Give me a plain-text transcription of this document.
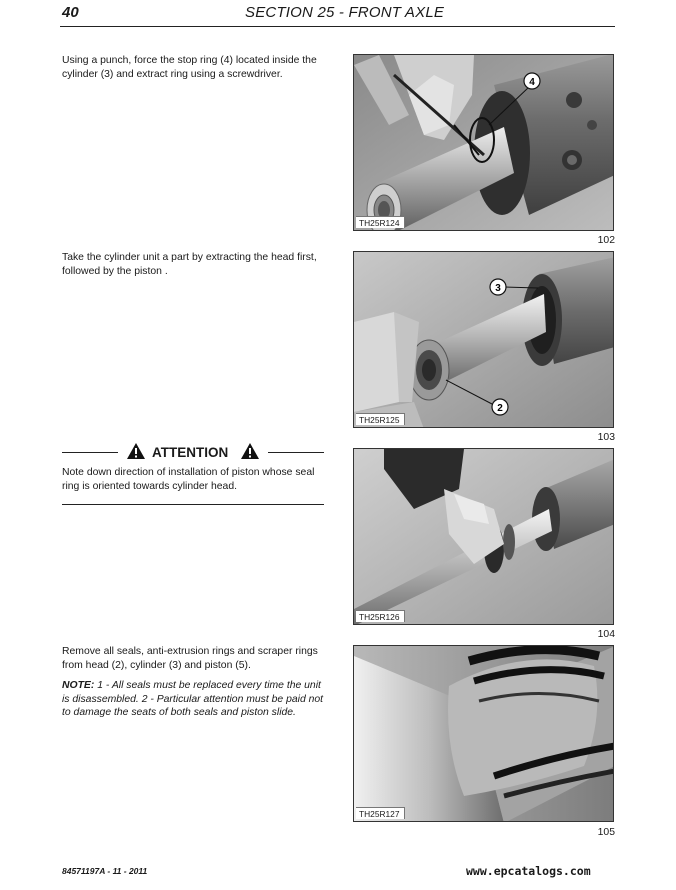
40	SECTION 25 - FRONT AXLE

Using a punch, force the stop ring (4) located inside the cylinder (3) and extract ring using a screwdriver.

Take the cylinder unit a part by extracting the head first, followed by the piston .

ATTENTION

Note down direction of installation of piston whose seal ring is oriented towards cylinder head.

Remove all seals, anti-extrusion rings and scraper rings from head (2), cylinder (3) and piston (5).

NOTE: 1 - All seals must be replaced every time the unit is disassembled. 2 - Particular attention must be paid not to damage the seats of both seals and piston slide.

4
TH25R124
102
3
2
TH25R125
103
TH25R126
104
TH25R127
105
84571197A - 11 - 2011	www.epcatalogs.com
